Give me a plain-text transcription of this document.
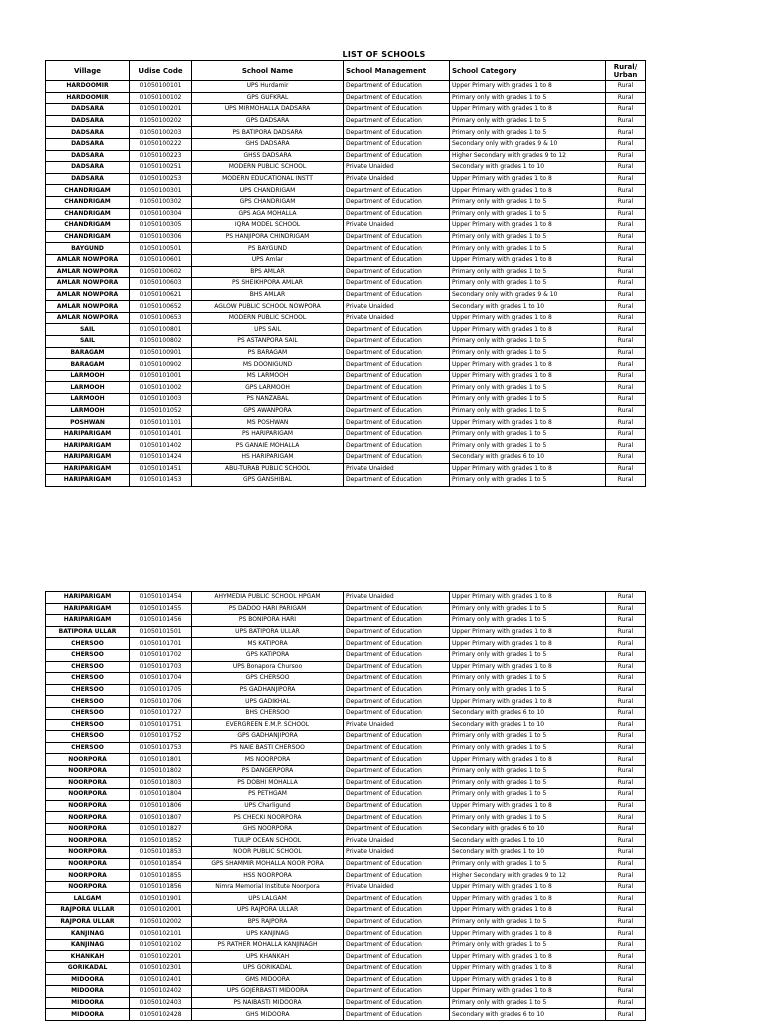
LIST OF SCHOOLS
Village	Udise Code	School Name	School Management	School Category	Rural/ Urban
HARDOOMIR	01050100101	UPS Hurdamir	Department of Education	Upper Primary with grades 1 to 8	Rural
HARDOOMIR	01050100102	GPS GUFKRAL	Department of Education	Primary only with grades 1 to 5	Rural
DADSARA	01050100201	UPS MIRMOHALLA DADSARA	Department of Education	Upper Primary with grades 1 to 8	Rural
DADSARA	01050100202	GPS DADSARA	Department of Education	Primary only with grades 1 to 5	Rural
DADSARA	01050100203	PS BATIPORA DADSARA	Department of Education	Primary only with grades 1 to 5	Rural
DADSARA	01050100222	GHS DADSARA	Department of Education	Secondary only with grades 9 & 10	Rural
DADSARA	01050100223	GHSS DADSARA	Department of Education	Higher Secondary with grades 9 to 12	Rural
DADSARA	01050100251	MODERN PUBLIC SCHOOL	Private Unaided	Secondary with grades 1 to 10	Rural
DADSARA	01050100253	MODERN EDUCATIONAL INSTT	Private Unaided	Upper Primary with grades 1 to 8	Rural
CHANDRIGAM	01050100301	UPS CHANDRIGAM	Department of Education	Upper Primary with grades 1 to 8	Rural
CHANDRIGAM	01050100302	GPS CHANDRIGAM	Department of Education	Primary only with grades 1 to 5	Rural
CHANDRIGAM	01050100304	GPS AGA MOHALLA	Department of Education	Primary only with grades 1 to 5	Rural
CHANDRIGAM	01050100305	IQRA MODEL SCHOOL	Private Unaided	Upper Primary with grades 1 to 8	Rural
CHANDRIGAM	01050100306	PS HANJIPORA CHINDRIGAM	Department of Education	Primary only with grades 1 to 5	Rural
BAYGUND	01050100501	PS BAYGUND	Department of Education	Primary only with grades 1 to 5	Rural
AMLAR NOWPORA	01050100601	UPS Amlar	Department of Education	Upper Primary with grades 1 to 8	Rural
AMLAR NOWPORA	01050100602	BPS AMLAR	Department of Education	Primary only with grades 1 to 5	Rural
AMLAR NOWPORA	01050100603	PS SHEIKHPORA AMLAR	Department of Education	Primary only with grades 1 to 5	Rural
AMLAR NOWPORA	01050100621	BHS AMLAR	Department of Education	Secondary only with grades 9 & 10	Rural
AMLAR NOWPORA	01050100652	AGLOW PUBLIC SCHOOL NOWPORA	Private Unaided	Secondary with grades 1 to 10	Rural
AMLAR NOWPORA	01050100653	MODERN PUBLIC SCHOOL	Private Unaided	Upper Primary with grades 1 to 8	Rural
SAIL	01050100801	UPS SAIL	Department of Education	Upper Primary with grades 1 to 8	Rural
SAIL	01050100802	PS ASTANPORA SAIL	Department of Education	Primary only with grades 1 to 5	Rural
BARAGAM	01050100901	PS BARAGAM	Department of Education	Primary only with grades 1 to 5	Rural
BARAGAM	01050100902	MS DOONIGUND	Department of Education	Upper Primary with grades 1 to 8	Rural
LARMOOH	01050101001	MS LARMOOH	Department of Education	Upper Primary with grades 1 to 8	Rural
LARMOOH	01050101002	GPS LARMOOH	Department of Education	Primary only with grades 1 to 5	Rural
LARMOOH	01050101003	PS NANZABAL	Department of Education	Primary only with grades 1 to 5	Rural
LARMOOH	01050101052	GPS AWANPORA	Department of Education	Primary only with grades 1 to 5	Rural
POSHWAN	01050101101	MS POSHWAN	Department of Education	Upper Primary with grades 1 to 8	Rural
HARIPARIGAM	01050101401	PS HARIPARIGAM	Department of Education	Primary only with grades 1 to 5	Rural
HARIPARIGAM	01050101402	PS GANAIE MOHALLA	Department of Education	Primary only with grades 1 to 5	Rural
HARIPARIGAM	01050101424	HS HARIPARIGAM	Department of Education	Secondary with grades 6 to 10	Rural
HARIPARIGAM	01050101451	ABU-TURAB PUBLIC SCHOOL	Private Unaided	Upper Primary with grades 1 to 8	Rural
HARIPARIGAM	01050101453	GPS GANSHIBAL	Department of Education	Primary only with grades 1 to 5	Rural
HARIPARIGAM	01050101454	AHYMEDIA PUBLIC SCHOOL HPGAM	Private Unaided	Upper Primary with grades 1 to 8	Rural
HARIPARIGAM	01050101455	PS DADOO HARI PARIGAM	Department of Education	Primary only with grades 1 to 5	Rural
HARIPARIGAM	01050101456	PS BONIPORA HARI	Department of Education	Primary only with grades 1 to 5	Rural
BATIPORA ULLAR	01050101501	UPS BATIPORA ULLAR	Department of Education	Upper Primary with grades 1 to 8	Rural
CHERSOO	01050101701	MS KATIPORA	Department of Education	Upper Primary with grades 1 to 8	Rural
CHERSOO	01050101702	GPS KATIPORA	Department of Education	Primary only with grades 1 to 5	Rural
CHERSOO	01050101703	UPS Bonapora Chursoo	Department of Education	Upper Primary with grades 1 to 8	Rural
CHERSOO	01050101704	GPS CHERSOO	Department of Education	Primary only with grades 1 to 5	Rural
CHERSOO	01050101705	PS GADHANJIPORA	Department of Education	Primary only with grades 1 to 5	Rural
CHERSOO	01050101706	UPS GADIKHAL	Department of Education	Upper Primary with grades 1 to 8	Rural
CHERSOO	01050101727	BHS CHERSOO	Department of Education	Secondary with grades 6 to 10	Rural
CHERSOO	01050101751	EVERGREEN E.M.P. SCHOOL	Private Unaided	Secondary with grades 1 to 10	Rural
CHERSOO	01050101752	GPS GADHANJIPORA	Department of Education	Primary only with grades 1 to 5	Rural
CHERSOO	01050101753	PS NAIE BASTI CHERSOO	Department of Education	Primary only with grades 1 to 5	Rural
NOORPORA	01050101801	MS NOORPORA	Department of Education	Upper Primary with grades 1 to 8	Rural
NOORPORA	01050101802	PS DANGERPORA	Department of Education	Primary only with grades 1 to 5	Rural
NOORPORA	01050101803	PS DOBHI MOHALLA	Department of Education	Primary only with grades 1 to 5	Rural
NOORPORA	01050101804	PS PETHGAM	Department of Education	Primary only with grades 1 to 5	Rural
NOORPORA	01050101806	UPS Charligund	Department of Education	Upper Primary with grades 1 to 8	Rural
NOORPORA	01050101807	PS CHECKI NOORPORA	Department of Education	Primary only with grades 1 to 5	Rural
NOORPORA	01050101827	GHS NOORPORA	Department of Education	Secondary with grades 6 to 10	Rural
NOORPORA	01050101852	TULIP OCEAN SCHOOL	Private Unaided	Secondary with grades 1 to 10	Rural
NOORPORA	01050101853	NOOR PUBLIC SCHOOL	Private Unaided	Secondary with grades 1 to 10	Rural
NOORPORA	01050101854	GPS SHAMMIR MOHALLA NOOR PORA	Department of Education	Primary only with grades 1 to 5	Rural
NOORPORA	01050101855	HSS NOORPORA	Department of Education	Higher Secondary with grades 9 to 12	Rural
NOORPORA	01050101856	Nimra Memorial Institute Noorpora	Private Unaided	Upper Primary with grades 1 to 8	Rural
LALGAM	01050101901	UPS LALGAM	Department of Education	Upper Primary with grades 1 to 8	Rural
RAJPORA ULLAR	01050102001	UPS RAJPORA ULLAR	Department of Education	Upper Primary with grades 1 to 8	Rural
RAJPORA ULLAR	01050102002	BPS RAJPORA	Department of Education	Primary only with grades 1 to 5	Rural
KANJINAG	01050102101	UPS KANJINAG	Department of Education	Upper Primary with grades 1 to 8	Rural
KANJINAG	01050102102	PS RATHER MOHALLA KANJINAGH	Department of Education	Primary only with grades 1 to 5	Rural
KHANKAH	01050102201	UPS KHANKAH	Department of Education	Upper Primary with grades 1 to 8	Rural
GORIKADAL	01050102301	UPS GORIKADAL	Department of Education	Upper Primary with grades 1 to 8	Rural
MIDOORA	01050102401	GMS MIDOORA	Department of Education	Upper Primary with grades 1 to 8	Rural
MIDOORA	01050102402	UPS GOJERBASTI MIDOORA	Department of Education	Upper Primary with grades 1 to 8	Rural
MIDOORA	01050102403	PS NAIBASTI MIDOORA	Department of Education	Primary only with grades 1 to 5	Rural
MIDOORA	01050102428	GHS MIDOORA	Department of Education	Secondary with grades 6 to 10	Rural
